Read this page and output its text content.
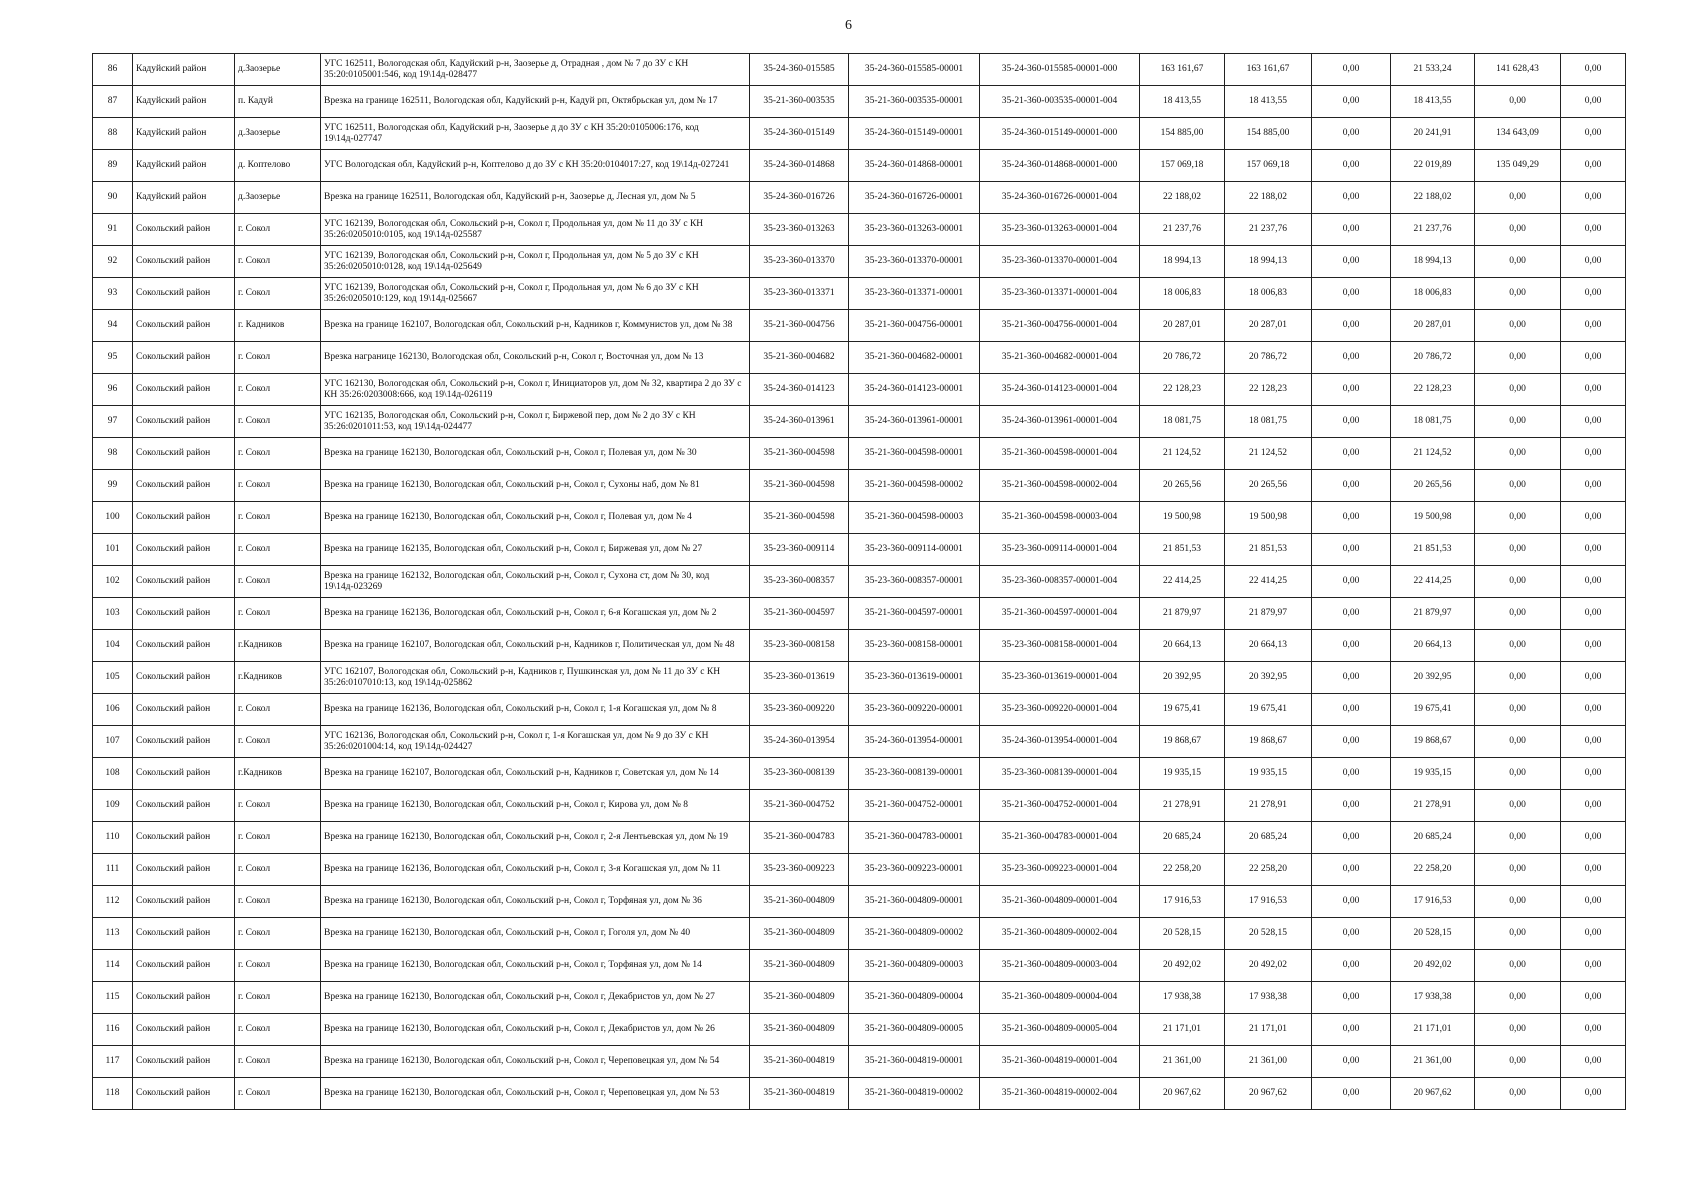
6
86	Кадуйский район	д.Заозерье	УГС 162511, Вологодская обл, Кадуйский р-н, Заозерье д, Отрадная , дом № 7 до ЗУ с КН 35:20:0105001:546, код 19\14д-028477	35-24-360-015585	35-24-360-015585-00001	35-24-360-015585-00001-000	163 161,67	163 161,67	0,00	21 533,24	141 628,43	0,00
87	Кадуйский район	п. Кадуй	Врезка на границе 162511, Вологодская обл, Кадуйский р-н, Кадуй рп, Октябрьская ул, дом № 17	35-21-360-003535	35-21-360-003535-00001	35-21-360-003535-00001-004	18 413,55	18 413,55	0,00	18 413,55	0,00	0,00
88	Кадуйский район	д.Заозерье	УГС 162511, Вологодская обл, Кадуйский р-н, Заозерье д до ЗУ с КН 35:20:0105006:176, код 19\14д-027747	35-24-360-015149	35-24-360-015149-00001	35-24-360-015149-00001-000	154 885,00	154 885,00	0,00	20 241,91	134 643,09	0,00
89	Кадуйский район	д. Коптелово	УГС Вологодская обл, Кадуйский р-н, Коптелово д до ЗУ с КН 35:20:0104017:27, код 19\14д-027241	35-24-360-014868	35-24-360-014868-00001	35-24-360-014868-00001-000	157 069,18	157 069,18	0,00	22 019,89	135 049,29	0,00
90	Кадуйский район	д.Заозерье	Врезка на границе 162511, Вологодская обл, Кадуйский р-н, Заозерье д, Лесная ул, дом № 5	35-24-360-016726	35-24-360-016726-00001	35-24-360-016726-00001-004	22 188,02	22 188,02	0,00	22 188,02	0,00	0,00
91	Сокольский район	г. Сокол	УГС 162139, Вологодская обл, Сокольский р-н, Сокол г, Продольная ул, дом № 11 до ЗУ с КН 35:26:0205010:0105, код 19\14д-025587	35-23-360-013263	35-23-360-013263-00001	35-23-360-013263-00001-004	21 237,76	21 237,76	0,00	21 237,76	0,00	0,00
92	Сокольский район	г. Сокол	УГС 162139, Вологодская обл, Сокольский р-н, Сокол г, Продольная ул, дом № 5 до ЗУ с КН 35:26:0205010:0128, код 19\14д-025649	35-23-360-013370	35-23-360-013370-00001	35-23-360-013370-00001-004	18 994,13	18 994,13	0,00	18 994,13	0,00	0,00
93	Сокольский район	г. Сокол	УГС 162139, Вологодская обл, Сокольский р-н, Сокол г, Продольная ул, дом № 6 до ЗУ с КН 35:26:0205010:129, код 19\14д-025667	35-23-360-013371	35-23-360-013371-00001	35-23-360-013371-00001-004	18 006,83	18 006,83	0,00	18 006,83	0,00	0,00
94	Сокольский район	г. Кадников	Врезка на границе 162107, Вологодская обл, Сокольский р-н, Кадников г, Коммунистов ул, дом № 38	35-21-360-004756	35-21-360-004756-00001	35-21-360-004756-00001-004	20 287,01	20 287,01	0,00	20 287,01	0,00	0,00
95	Сокольский район	г. Сокол	Врезка награнице 162130, Вологодская обл, Сокольский р-н, Сокол г, Восточная ул, дом № 13	35-21-360-004682	35-21-360-004682-00001	35-21-360-004682-00001-004	20 786,72	20 786,72	0,00	20 786,72	0,00	0,00
96	Сокольский район	г. Сокол	УГС 162130, Вологодская обл, Сокольский р-н, Сокол г, Инициаторов ул, дом № 32, квартира 2 до ЗУ с КН 35:26:0203008:666, код 19\14д-026119	35-24-360-014123	35-24-360-014123-00001	35-24-360-014123-00001-004	22 128,23	22 128,23	0,00	22 128,23	0,00	0,00
97	Сокольский район	г. Сокол	УГС 162135, Вологодская обл, Сокольский р-н, Сокол г, Биржевой пер, дом № 2 до ЗУ с КН 35:26:0201011:53, код 19\14д-024477	35-24-360-013961	35-24-360-013961-00001	35-24-360-013961-00001-004	18 081,75	18 081,75	0,00	18 081,75	0,00	0,00
98	Сокольский район	г. Сокол	Врезка на границе 162130, Вологодская обл, Сокольский р-н, Сокол г, Полевая ул, дом № 30	35-21-360-004598	35-21-360-004598-00001	35-21-360-004598-00001-004	21 124,52	21 124,52	0,00	21 124,52	0,00	0,00
99	Сокольский район	г. Сокол	Врезка на границе 162130, Вологодская обл, Сокольский р-н, Сокол г, Сухоны наб, дом № 81	35-21-360-004598	35-21-360-004598-00002	35-21-360-004598-00002-004	20 265,56	20 265,56	0,00	20 265,56	0,00	0,00
100	Сокольский район	г. Сокол	Врезка на границе 162130, Вологодская обл, Сокольский р-н, Сокол г, Полевая ул, дом № 4	35-21-360-004598	35-21-360-004598-00003	35-21-360-004598-00003-004	19 500,98	19 500,98	0,00	19 500,98	0,00	0,00
101	Сокольский район	г. Сокол	Врезка на границе 162135, Вологодская обл, Сокольский р-н, Сокол г, Биржевая ул, дом № 27	35-23-360-009114	35-23-360-009114-00001	35-23-360-009114-00001-004	21 851,53	21 851,53	0,00	21 851,53	0,00	0,00
102	Сокольский район	г. Сокол	Врезка на границе 162132, Вологодская обл, Сокольский р-н, Сокол г, Сухона ст, дом № 30, код 19\14д-023269	35-23-360-008357	35-23-360-008357-00001	35-23-360-008357-00001-004	22 414,25	22 414,25	0,00	22 414,25	0,00	0,00
103	Сокольский район	г. Сокол	Врезка на границе 162136, Вологодская обл, Сокольский р-н, Сокол г, 6-я Когашская ул, дом № 2	35-21-360-004597	35-21-360-004597-00001	35-21-360-004597-00001-004	21 879,97	21 879,97	0,00	21 879,97	0,00	0,00
104	Сокольский район	г.Кадников	Врезка на границе 162107, Вологодская обл, Сокольский р-н, Кадников г, Политическая ул, дом № 48	35-23-360-008158	35-23-360-008158-00001	35-23-360-008158-00001-004	20 664,13	20 664,13	0,00	20 664,13	0,00	0,00
105	Сокольский район	г.Кадников	УГС 162107, Вологодская обл, Сокольский р-н, Кадников г, Пушкинская ул, дом № 11 до ЗУ с КН 35:26:0107010:13, код 19\14д-025862	35-23-360-013619	35-23-360-013619-00001	35-23-360-013619-00001-004	20 392,95	20 392,95	0,00	20 392,95	0,00	0,00
106	Сокольский район	г. Сокол	Врезка на границе 162136, Вологодская обл, Сокольский р-н, Сокол г, 1-я Когашская ул, дом № 8	35-23-360-009220	35-23-360-009220-00001	35-23-360-009220-00001-004	19 675,41	19 675,41	0,00	19 675,41	0,00	0,00
107	Сокольский район	г. Сокол	УГС 162136, Вологодская обл, Сокольский р-н, Сокол г, 1-я Когашская ул, дом № 9 до ЗУ с КН 35:26:0201004:14, код 19\14д-024427	35-24-360-013954	35-24-360-013954-00001	35-24-360-013954-00001-004	19 868,67	19 868,67	0,00	19 868,67	0,00	0,00
108	Сокольский район	г.Кадников	Врезка на границе 162107, Вологодская обл, Сокольский р-н, Кадников г, Советская ул, дом № 14	35-23-360-008139	35-23-360-008139-00001	35-23-360-008139-00001-004	19 935,15	19 935,15	0,00	19 935,15	0,00	0,00
109	Сокольский район	г. Сокол	Врезка на границе 162130, Вологодская обл, Сокольский р-н, Сокол г, Кирова ул, дом № 8	35-21-360-004752	35-21-360-004752-00001	35-21-360-004752-00001-004	21 278,91	21 278,91	0,00	21 278,91	0,00	0,00
110	Сокольский район	г. Сокол	Врезка на границе 162130, Вологодская обл, Сокольский р-н, Сокол г, 2-я Лентьевская ул, дом № 19	35-21-360-004783	35-21-360-004783-00001	35-21-360-004783-00001-004	20 685,24	20 685,24	0,00	20 685,24	0,00	0,00
111	Сокольский район	г. Сокол	Врезка на границе 162136, Вологодская обл, Сокольский р-н, Сокол г, 3-я Когашская ул, дом № 11	35-23-360-009223	35-23-360-009223-00001	35-23-360-009223-00001-004	22 258,20	22 258,20	0,00	22 258,20	0,00	0,00
112	Сокольский район	г. Сокол	Врезка на границе 162130, Вологодская обл, Сокольский р-н, Сокол г, Торфяная ул, дом № 36	35-21-360-004809	35-21-360-004809-00001	35-21-360-004809-00001-004	17 916,53	17 916,53	0,00	17 916,53	0,00	0,00
113	Сокольский район	г. Сокол	Врезка на границе 162130, Вологодская обл, Сокольский р-н, Сокол г, Гоголя ул, дом № 40	35-21-360-004809	35-21-360-004809-00002	35-21-360-004809-00002-004	20 528,15	20 528,15	0,00	20 528,15	0,00	0,00
114	Сокольский район	г. Сокол	Врезка на границе 162130, Вологодская обл, Сокольский р-н, Сокол г, Торфяная ул, дом № 14	35-21-360-004809	35-21-360-004809-00003	35-21-360-004809-00003-004	20 492,02	20 492,02	0,00	20 492,02	0,00	0,00
115	Сокольский район	г. Сокол	Врезка на границе 162130, Вологодская обл, Сокольский р-н, Сокол г, Декабристов ул, дом № 27	35-21-360-004809	35-21-360-004809-00004	35-21-360-004809-00004-004	17 938,38	17 938,38	0,00	17 938,38	0,00	0,00
116	Сокольский район	г. Сокол	Врезка на границе 162130, Вологодская обл, Сокольский р-н, Сокол г, Декабристов ул, дом № 26	35-21-360-004809	35-21-360-004809-00005	35-21-360-004809-00005-004	21 171,01	21 171,01	0,00	21 171,01	0,00	0,00
117	Сокольский район	г. Сокол	Врезка на границе 162130, Вологодская обл, Сокольский р-н, Сокол г, Череповецкая ул, дом № 54	35-21-360-004819	35-21-360-004819-00001	35-21-360-004819-00001-004	21 361,00	21 361,00	0,00	21 361,00	0,00	0,00
118	Сокольский район	г. Сокол	Врезка на границе 162130, Вологодская обл, Сокольский р-н, Сокол г, Череповецкая ул, дом № 53	35-21-360-004819	35-21-360-004819-00002	35-21-360-004819-00002-004	20 967,62	20 967,62	0,00	20 967,62	0,00	0,00
